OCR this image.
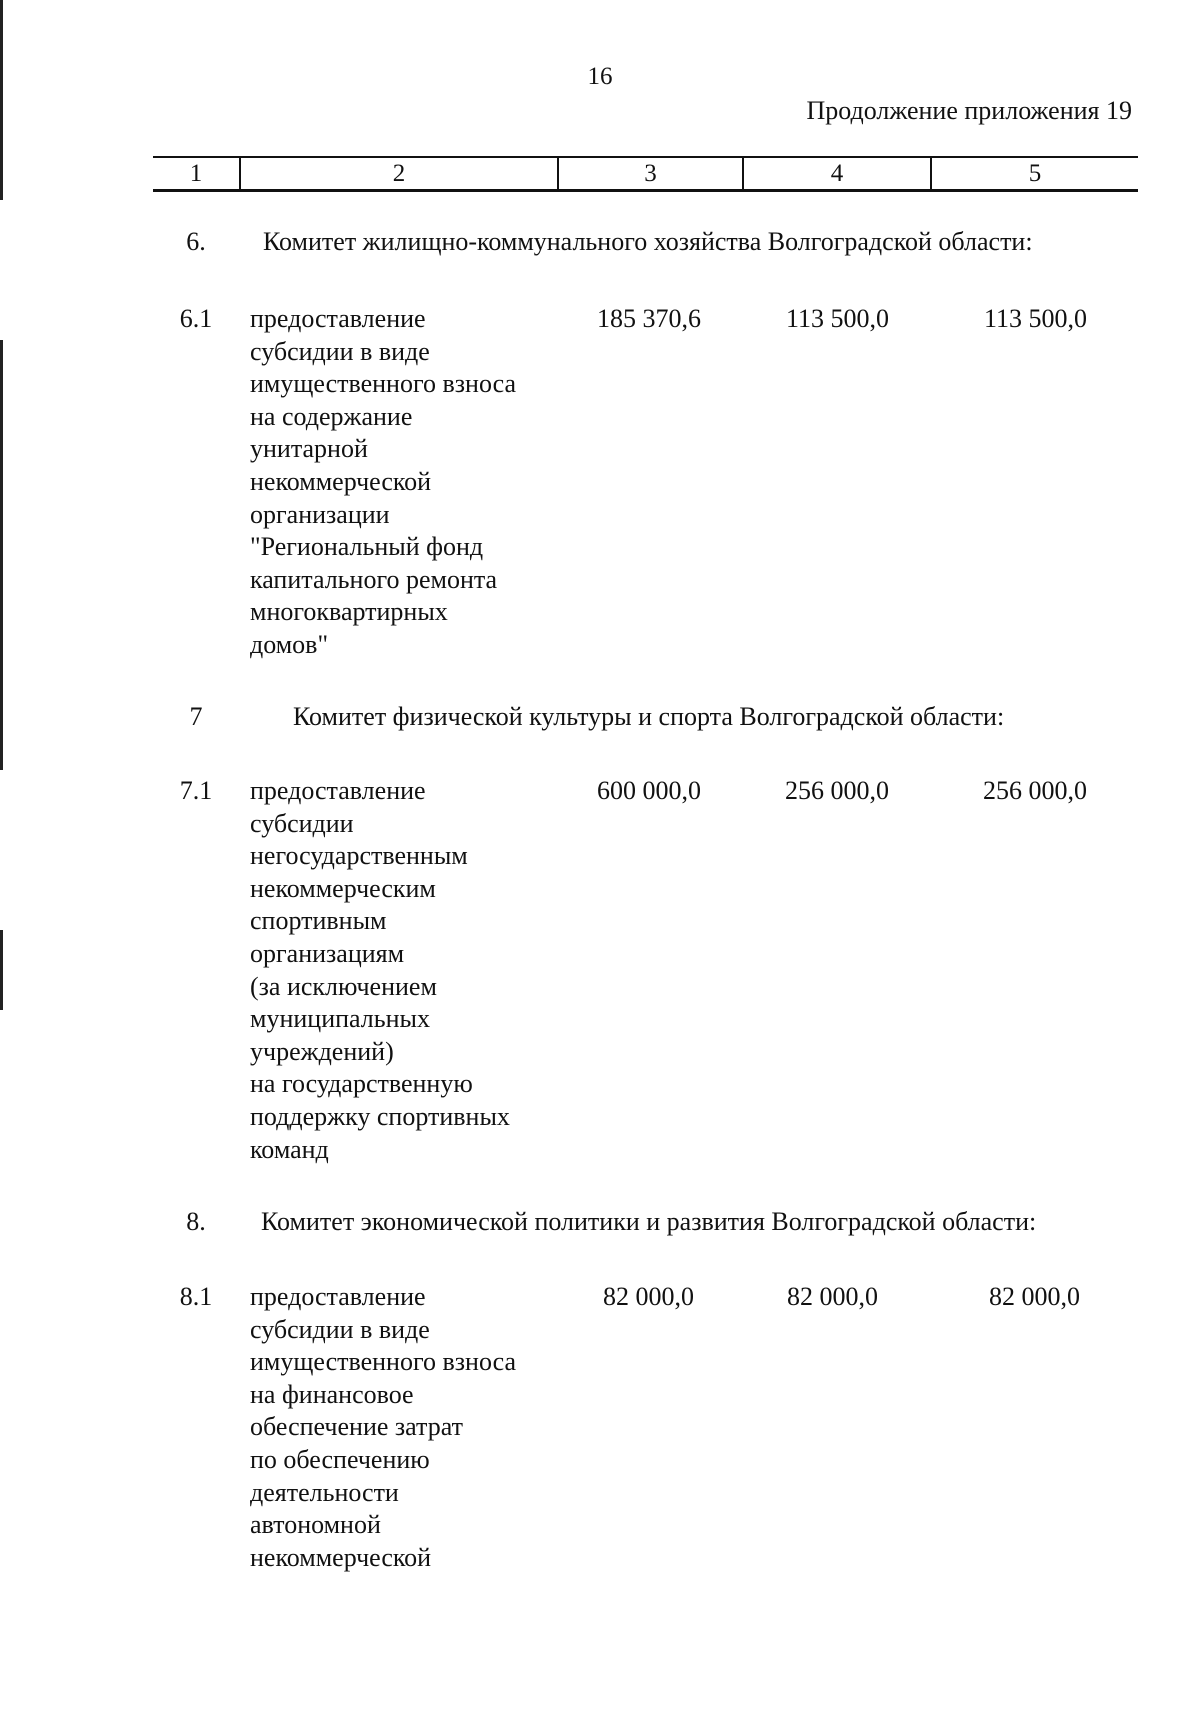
16
Продолжение приложения 19
1	2	3	4	5
6.	Комитет жилищно-коммунального хозяйства Волгоградской области:
6.1	предоставление
субсидии в виде
имущественного взноса
на содержание
унитарной
некоммерческой
организации
"Региональный фонд
капитального ремонта
многоквартирных
домов"
185 370,6	113 500,0	113 500,0
7	Комитет физической культуры и спорта Волгоградской области:
7.1	предоставление
субсидии
негосударственным
некоммерческим
спортивным
организациям
(за исключением
муниципальных
учреждений)
на государственную
поддержку спортивных
команд
600 000,0	256 000,0	256 000,0
8.	Комитет экономической политики и развития Волгоградской области:
8.1	предоставление
субсидии в виде
имущественного взноса
на финансовое
обеспечение затрат
по обеспечению
деятельности
автономной
некоммерческой
82 000,0	82 000,0	82 000,0
